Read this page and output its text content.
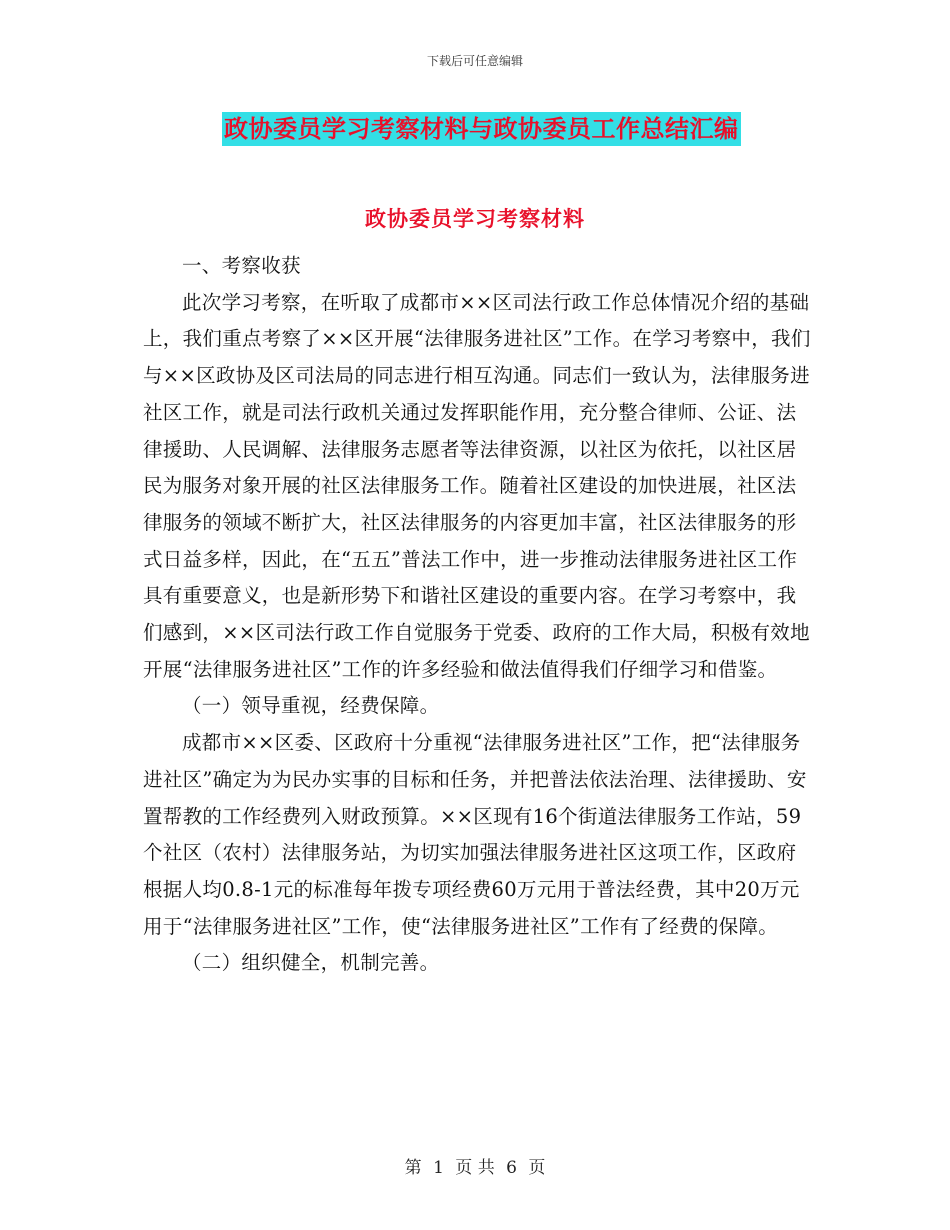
下载后可任意编辑
政协委员学习考察材料与政协委员工作总结汇编
政协委员学习考察材料

一、考察收获

此次学习考察，在听取了成都市××区司法行政工作总体情况介绍的基础上，我们重点考察了××区开展“法律服务进社区”工作。在学习考察中，我们与××区政协及区司法局的同志进行相互沟通。同志们一致认为，法律服务进社区工作，就是司法行政机关通过发挥职能作用，充分整合律师、公证、法律援助、人民调解、法律服务志愿者等法律资源，以社区为依托，以社区居民为服务对象开展的社区法律服务工作。随着社区建设的加快进展，社区法律服务的领域不断扩大，社区法律服务的内容更加丰富，社区法律服务的形式日益多样，因此，在“五五”普法工作中，进一步推动法律服务进社区工作具有重要意义，也是新形势下和谐社区建设的重要内容。在学习考察中，我们感到，××区司法行政工作自觉服务于党委、政府的工作大局，积极有效地开展“法律服务进社区”工作的许多经验和做法值得我们仔细学习和借鉴。

（一）领导重视，经费保障。

成都市××区委、区政府十分重视“法律服务进社区”工作，把“法律服务进社区”确定为为民办实事的目标和任务，并把普法依法治理、法律援助、安置帮教的工作经费列入财政预算。××区现有16个街道法律服务工作站，59个社区（农村）法律服务站，为切实加强法律服务进社区这项工作，区政府根据人均0.8-1元的标准每年拨专项经费60万元用于普法经费，其中20万元用于“法律服务进社区”工作，使“法律服务进社区”工作有了经费的保障。

（二）组织健全，机制完善。

第 1 页 共 6 页
